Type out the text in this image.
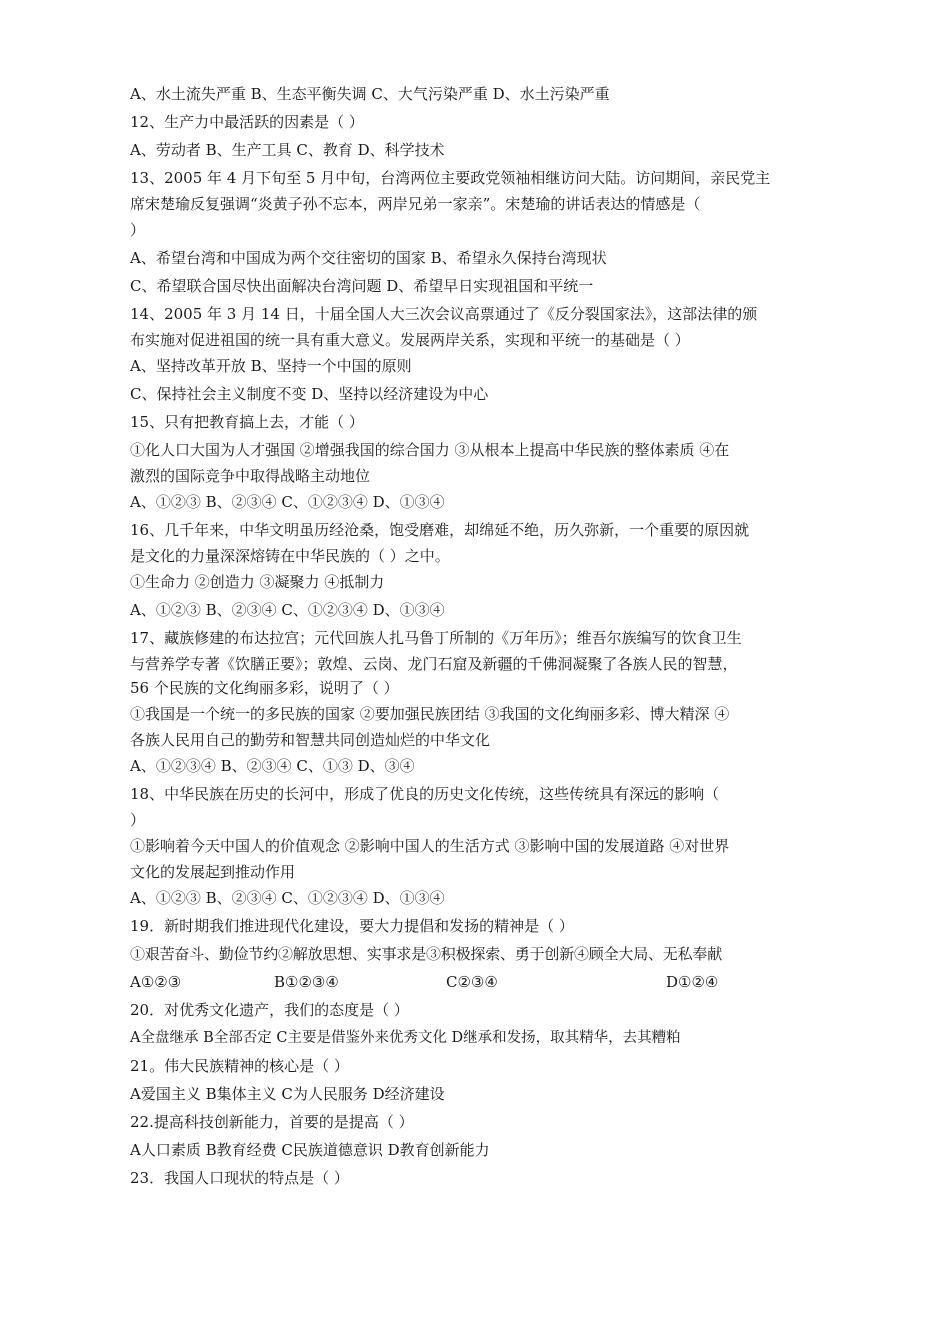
A、水土流失严重 B、生态平衡失调 C、大气污染严重 D、水土污染严重
12、生产力中最活跃的因素是（ ）
A、劳动者 B、生产工具 C、教育 D、科学技术
13、2005 年 4 月下旬至 5 月中旬，台湾两位主要政党领袖相继访问大陆。访问期间，亲民党主
席宋楚瑜反复强调“炎黄子孙不忘本，两岸兄弟一家亲”。宋楚瑜的讲话表达的情感是（
）
A、希望台湾和中国成为两个交往密切的国家 B、希望永久保持台湾现状
C、希望联合国尽快出面解决台湾问题 D、希望早日实现祖国和平统一
14、2005 年 3 月 14 日，十届全国人大三次会议高票通过了《反分裂国家法》，这部法律的颁
布实施对促进祖国的统一具有重大意义。发展两岸关系，实现和平统一的基础是（ ）
A、坚持改革开放 B、坚持一个中国的原则
C、保持社会主义制度不变 D、坚持以经济建设为中心
15、只有把教育搞上去，才能（ ）
①化人口大国为人才强国 ②增强我国的综合国力 ③从根本上提高中华民族的整体素质 ④在
激烈的国际竞争中取得战略主动地位
A、①②③ B、②③④ C、①②③④ D、①③④
16、几千年来，中华文明虽历经沧桑，饱受磨难，却绵延不绝，历久弥新，一个重要的原因就
是文化的力量深深熔铸在中华民族的（ ）之中。
①生命力 ②创造力 ③凝聚力 ④抵制力
A、①②③ B、②③④ C、①②③④ D、①③④
17、藏族修建的布达拉宫；元代回族人扎马鲁丁所制的《万年历》；维吾尔族编写的饮食卫生
与营养学专著《饮膳正要》；敦煌、云岗、龙门石窟及新疆的千佛洞凝聚了各族人民的智慧，
56 个民族的文化绚丽多彩，说明了（ ）
①我国是一个统一的多民族的国家 ②要加强民族团结 ③我国的文化绚丽多彩、博大精深 ④
各族人民用自己的勤劳和智慧共同创造灿烂的中华文化
A、①②③④ B、②③④ C、①③ D、③④
18、中华民族在历史的长河中，形成了优良的历史文化传统，这些传统具有深远的影响（
）
①影响着今天中国人的价值观念 ②影响中国人的生活方式 ③影响中国的发展道路 ④对世界
文化的发展起到推动作用
A、①②③ B、②③④ C、①②③④ D、①③④
19．新时期我们推进现代化建设，要大力提倡和发扬的精神是（ ）
①艰苦奋斗、勤俭节约②解放思想、实事求是③积极探索、勇于创新④顾全大局、无私奉献
A①②③	B①②③④	C②③④	D①②④
20．对优秀文化遗产，我们的态度是（ ）
A全盘继承 B全部否定 C主要是借鉴外来优秀文化 D继承和发扬，取其精华，去其糟粕
21。伟大民族精神的核心是（ ）
A爱国主义 B集体主义 C为人民服务 D经济建设
22.提高科技创新能力，首要的是提高（ ）
A人口素质 B教育经费 C民族道德意识 D教育创新能力
23．我国人口现状的特点是（ ）
